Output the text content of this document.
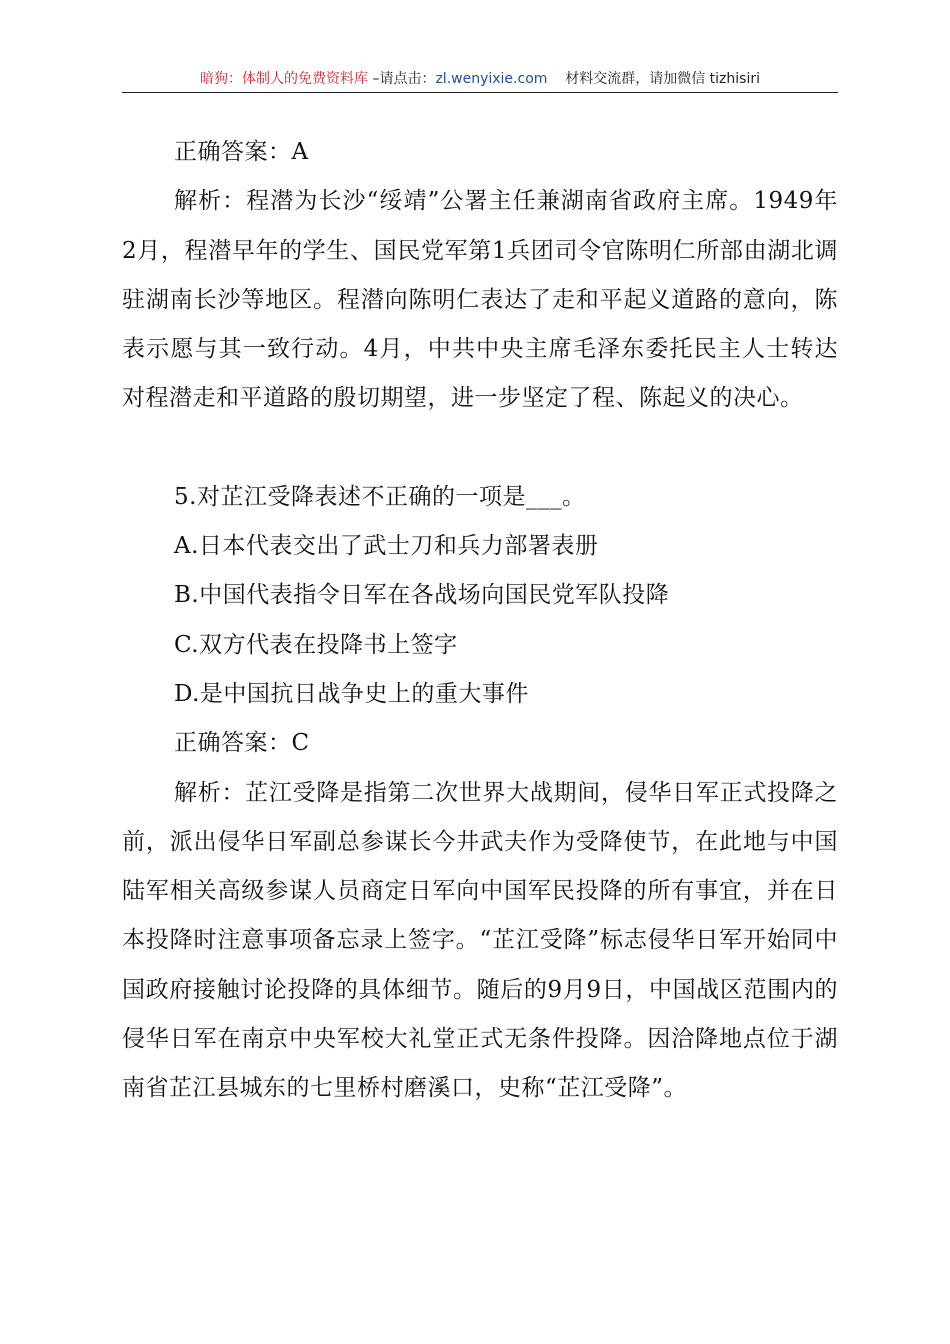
暗狗：体制人的免费资料库 –请点击：zl.wenyixie.com 材料交流群，请加微信 tizhisiri

正确答案：A

解析：程潜为长沙“绥靖”公署主任兼湖南省政府主席。1949年2月，程潜早年的学生、国民党军第1兵团司令官陈明仁所部由湖北调驻湖南长沙等地区。程潜向陈明仁表达了走和平起义道路的意向，陈表示愿与其一致行动。4月，中共中央主席毛泽东委托民主人士转达对程潜走和平道路的殷切期望，进一步坚定了程、陈起义的决心。

5.对芷江受降表述不正确的一项是___。

A.日本代表交出了武士刀和兵力部署表册

B.中国代表指令日军在各战场向国民党军队投降

C.双方代表在投降书上签字

D.是中国抗日战争史上的重大事件

正确答案：C

解析：芷江受降是指第二次世界大战期间，侵华日军正式投降之前，派出侵华日军副总参谋长今井武夫作为受降使节，在此地与中国陆军相关高级参谋人员商定日军向中国军民投降的所有事宜，并在日本投降时注意事项备忘录上签字。“芷江受降”标志侵华日军开始同中国政府接触讨论投降的具体细节。随后的9月9日，中国战区范围内的侵华日军在南京中央军校大礼堂正式无条件投降。因洽降地点位于湖南省芷江县城东的七里桥村磨溪口，史称“芷江受降”。
